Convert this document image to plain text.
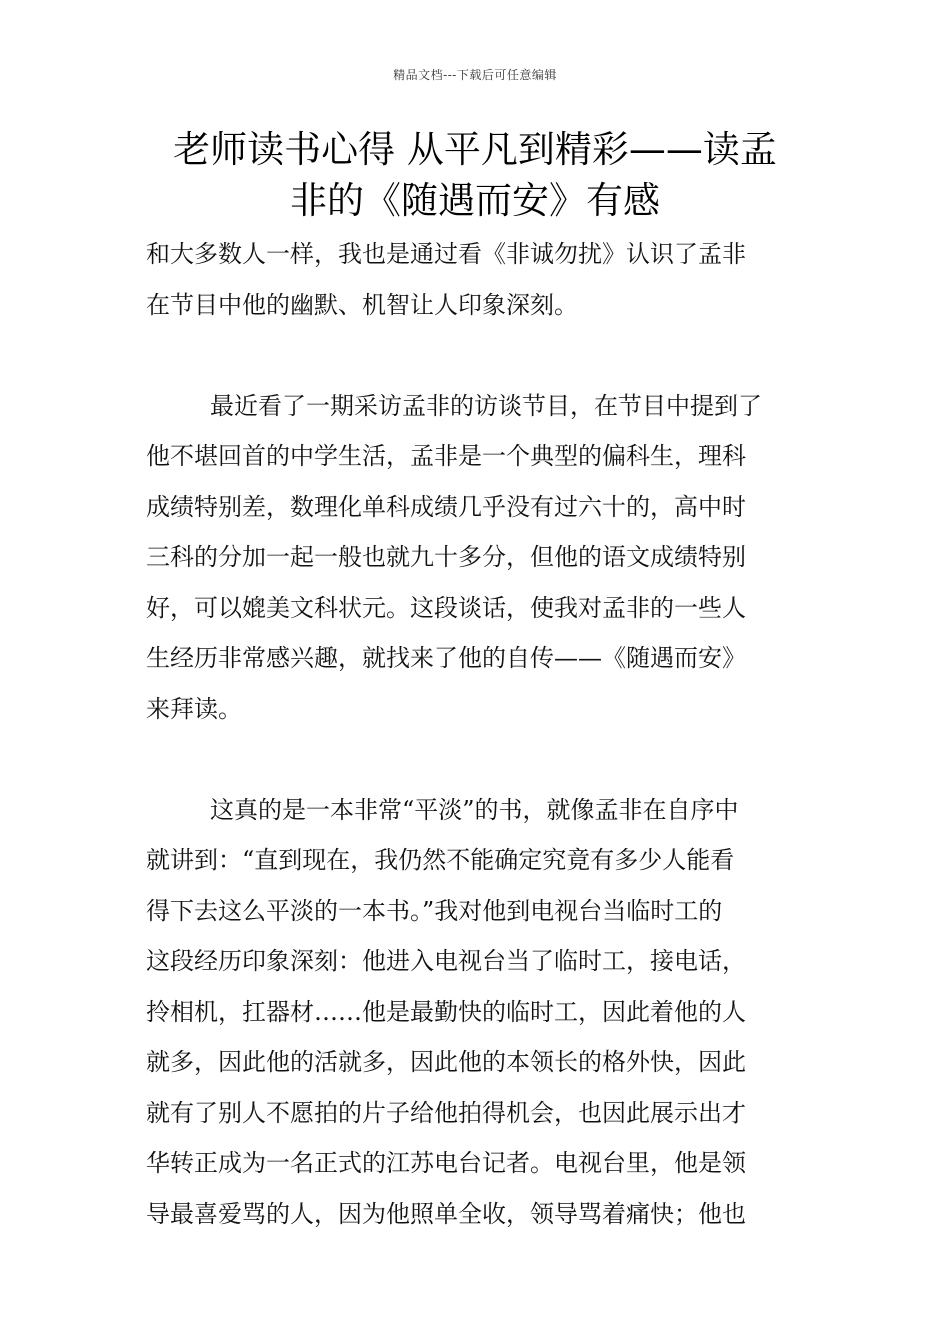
精品文档---下载后可任意编辑
老师读书心得 从平凡到精彩——读孟
非的《随遇而安》有感
和大多数人一样，我也是通过看《非诚勿扰》认识了孟非
在节目中他的幽默、机智让人印象深刻。
最近看了一期采访孟非的访谈节目，在节目中提到了
他不堪回首的中学生活，孟非是一个典型的偏科生，理科
成绩特别差，数理化单科成绩几乎没有过六十的，高中时
三科的分加一起一般也就九十多分，但他的语文成绩特别
好，可以媲美文科状元。这段谈话，使我对孟非的一些人
生经历非常感兴趣，就找来了他的自传——《随遇而安》
来拜读。
这真的是一本非常“平淡”的书，就像孟非在自序中
就讲到：“直到现在，我仍然不能确定究竟有多少人能看
得下去这么平淡的一本书。”我对他到电视台当临时工的
这段经历印象深刻：他进入电视台当了临时工，接电话，
拎相机，扛器材……他是最勤快的临时工，因此着他的人
就多，因此他的活就多，因此他的本领长的格外快，因此
就有了别人不愿拍的片子给他拍得机会，也因此展示出才
华转正成为一名正式的江苏电台记者。电视台里，他是领
导最喜爱骂的人，因为他照单全收，领导骂着痛快；他也
